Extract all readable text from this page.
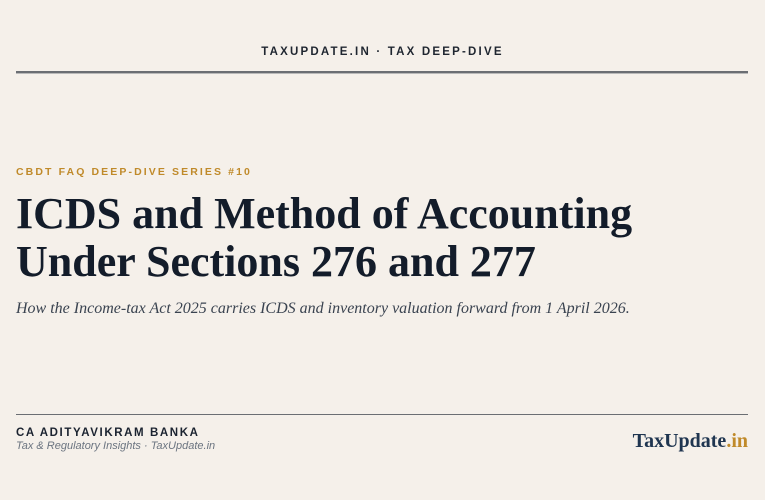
TAXUPDATE.IN · TAX DEEP-DIVE
CBDT FAQ DEEP-DIVE SERIES #10
ICDS and Method of Accounting
Under Sections 276 and 277

How the Income-tax Act 2025 carries ICDS and inventory valuation forward from 1 April 2026.

CA ADITYAVIKRAM BANKA
Tax & Regulatory Insights · TaxUpdate.in	TaxUpdate.in
